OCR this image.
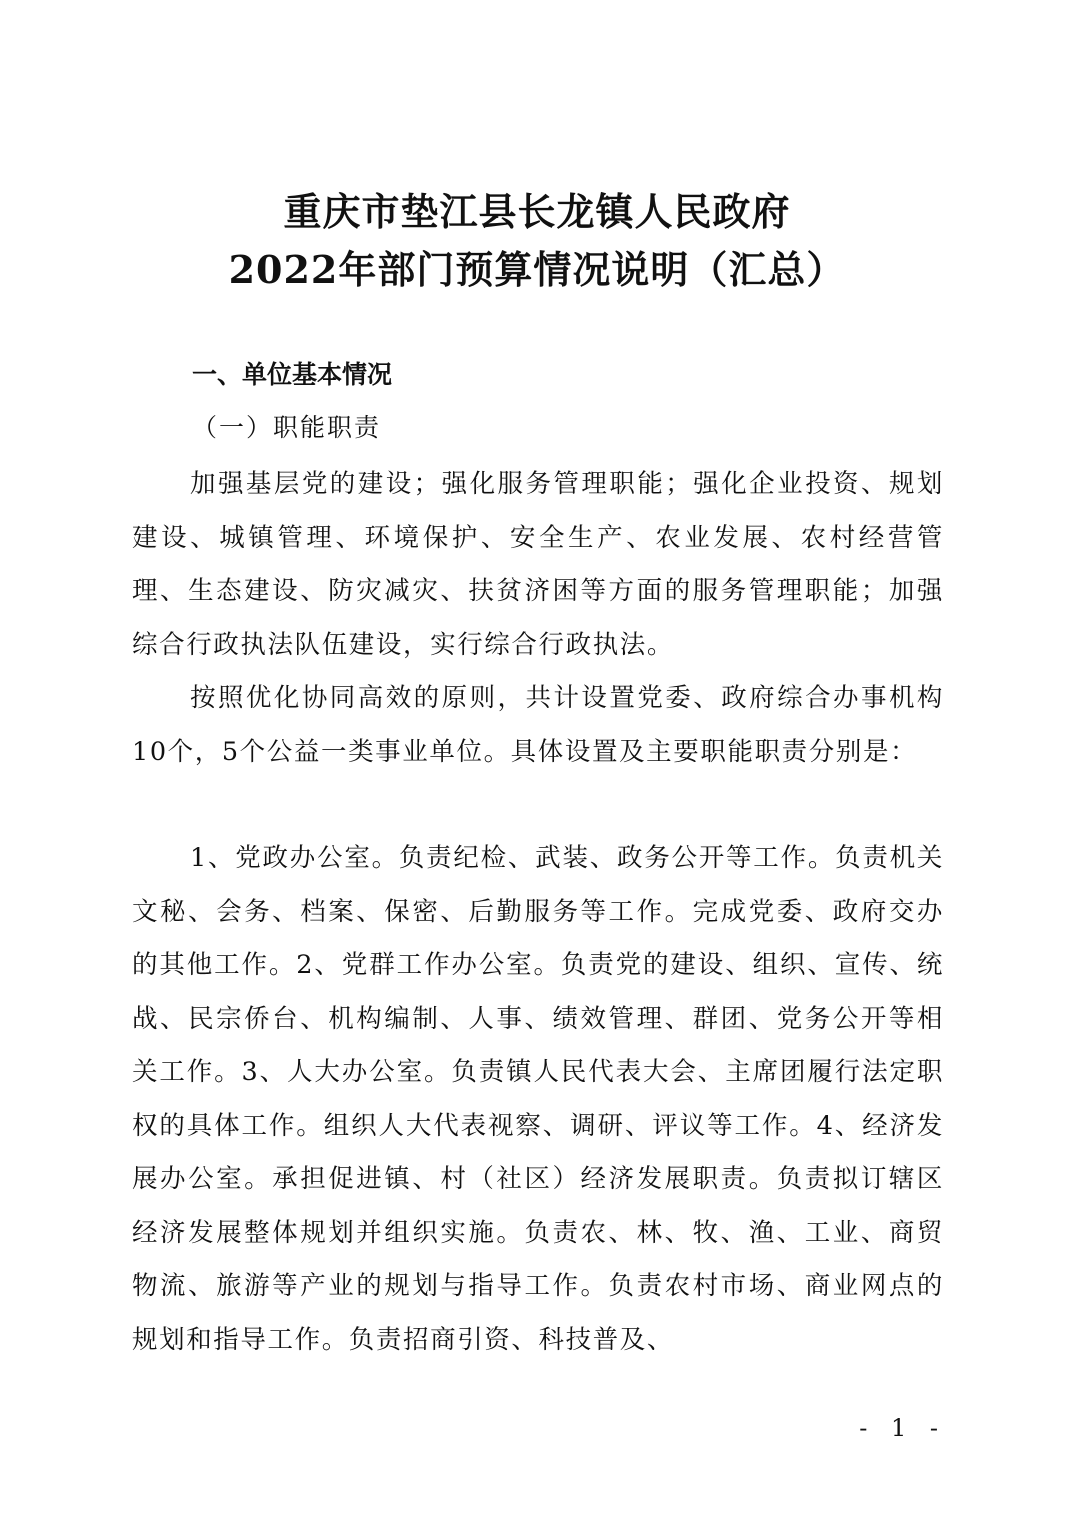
重庆市垫江县长龙镇人民政府

2022年部门预算情况说明（汇总）

一、单位基本情况

（一）职能职责

加强基层党的建设；强化服务管理职能；强化企业投资、规划建设、城镇管理、环境保护、安全生产、农业发展、农村经营管理、生态建设、防灾减灾、扶贫济困等方面的服务管理职能；加强综合行政执法队伍建设，实行综合行政执法。

按照优化协同高效的原则，共计设置党委、政府综合办事机构10个，5个公益一类事业单位。具体设置及主要职能职责分别是：

1、党政办公室。负责纪检、武装、政务公开等工作。负责机关文秘、会务、档案、保密、后勤服务等工作。完成党委、政府交办的其他工作。2、党群工作办公室。负责党的建设、组织、宣传、统战、民宗侨台、机构编制、人事、绩效管理、群团、党务公开等相关工作。3、人大办公室。负责镇人民代表大会、主席团履行法定职权的具体工作。组织人大代表视察、调研、评议等工作。4、经济发展办公室。承担促进镇、村（社区）经济发展职责。负责拟订辖区经济发展整体规划并组织实施。负责农、林、牧、渔、工业、商贸物流、旅游等产业的规划与指导工作。负责农村市场、商业网点的规划和指导工作。负责招商引资、科技普及、

- 1 -
